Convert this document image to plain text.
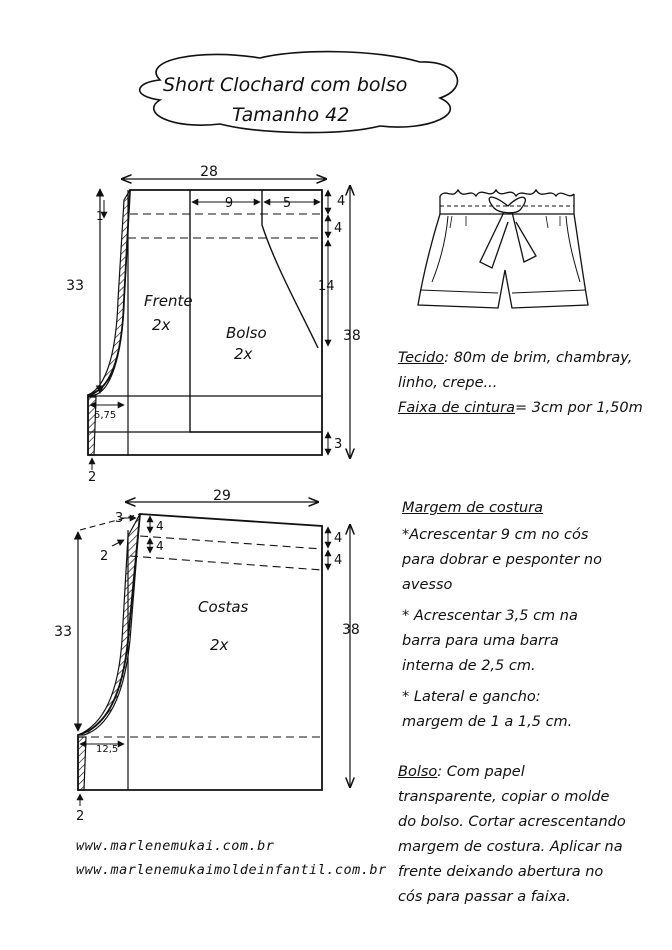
Short Clochard com bolso
Tamanho 42
28
9	5	4
4
14
38
3
33
5,75
1
2
Frente
2x	Bolso
2x
29
3
2
4
4	4
4
38
33
12,5
2
Costas
2x

Tecido: 80m de brim, chambray, linho, crepe...

Faixa de cintura= 3cm por 1,50m

Margem de costura

*Acrescentar 9 cm no cós para dobrar e pesponter no avesso

* Acrescentar 3,5 cm na barra para uma barra interna de 2,5 cm.

* Lateral e gancho: margem de 1 a 1,5 cm.

Bolso: Com papel transparente, copiar o molde do bolso. Cortar acrescentando margem de costura. Aplicar na frente deixando abertura no cós para passar a faixa.

www.marlenemukai.com.br
www.marlenemukaimoldeinfantil.com.br
